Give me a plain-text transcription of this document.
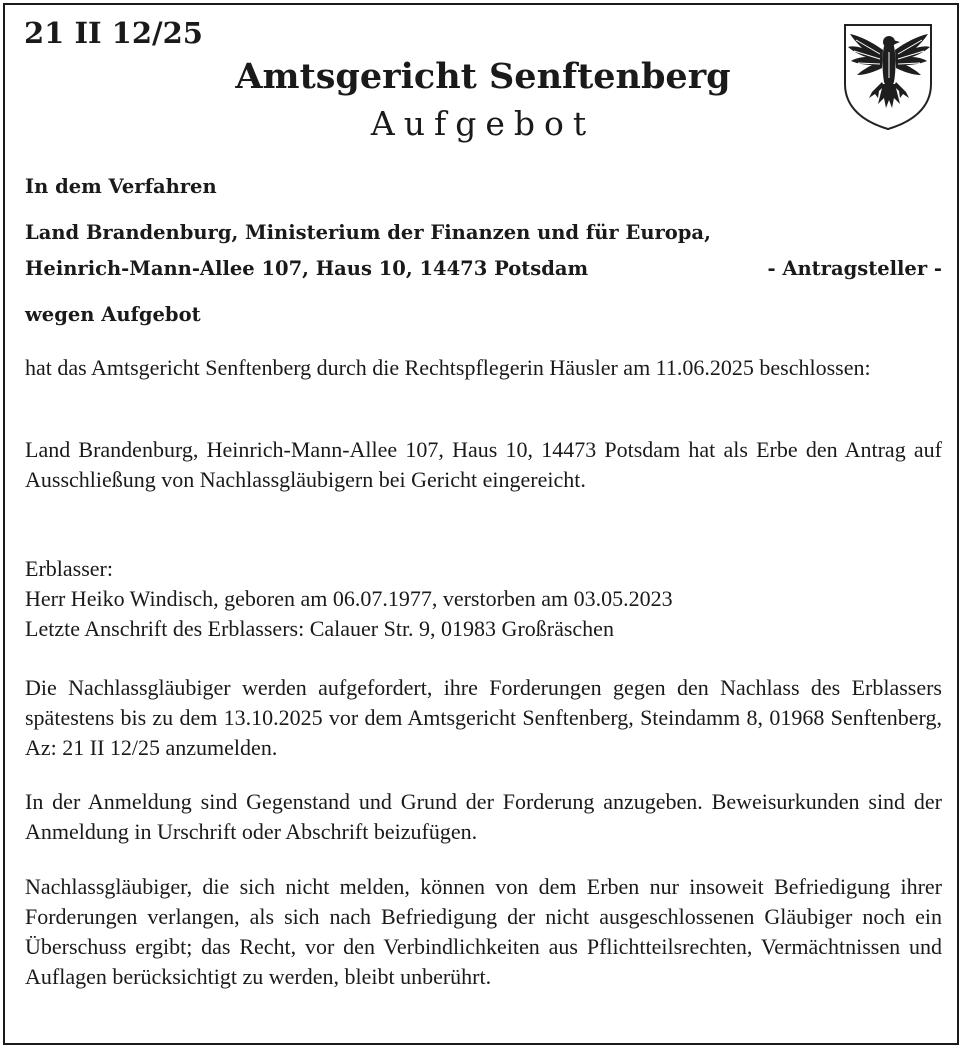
21 II 12/25
Amtsgericht Senftenberg
Aufgebot

In dem Verfahren

Land Brandenburg, Ministerium der Finanzen und für Europa,

Heinrich-Mann-Allee 107, Haus 10, 14473 Potsdam	- Antragsteller -

wegen Aufgebot

hat das Amtsgericht Senftenberg durch die Rechtspflegerin Häusler am 11.06.2025 beschlossen:

Land Brandenburg, Heinrich-Mann-Allee 107, Haus 10, 14473 Potsdam hat als Erbe den Antrag auf Ausschließung von Nachlassgläubigern bei Gericht eingereicht.

Erblasser:
Herr Heiko Windisch, geboren am 06.07.1977, verstorben am 03.05.2023
Letzte Anschrift des Erblassers: Calauer Str. 9, 01983 Großräschen

Die Nachlassgläubiger werden aufgefordert, ihre Forderungen gegen den Nachlass des Erblassers spätestens bis zu dem 13.10.2025 vor dem Amtsgericht Senftenberg, Steindamm 8, 01968 Senftenberg, Az: 21 II 12/25 anzumelden.

In der Anmeldung sind Gegenstand und Grund der Forderung anzugeben. Beweisurkunden sind der Anmeldung in Urschrift oder Abschrift beizufügen.

Nachlassgläubiger, die sich nicht melden, können von dem Erben nur insoweit Befriedigung ihrer Forderungen verlangen, als sich nach Befriedigung der nicht ausgeschlossenen Gläubiger noch ein Überschuss ergibt; das Recht, vor den Verbindlichkeiten aus Pflichtteilsrechten, Vermächtnissen und Auflagen berücksichtigt zu werden, bleibt unberührt.
